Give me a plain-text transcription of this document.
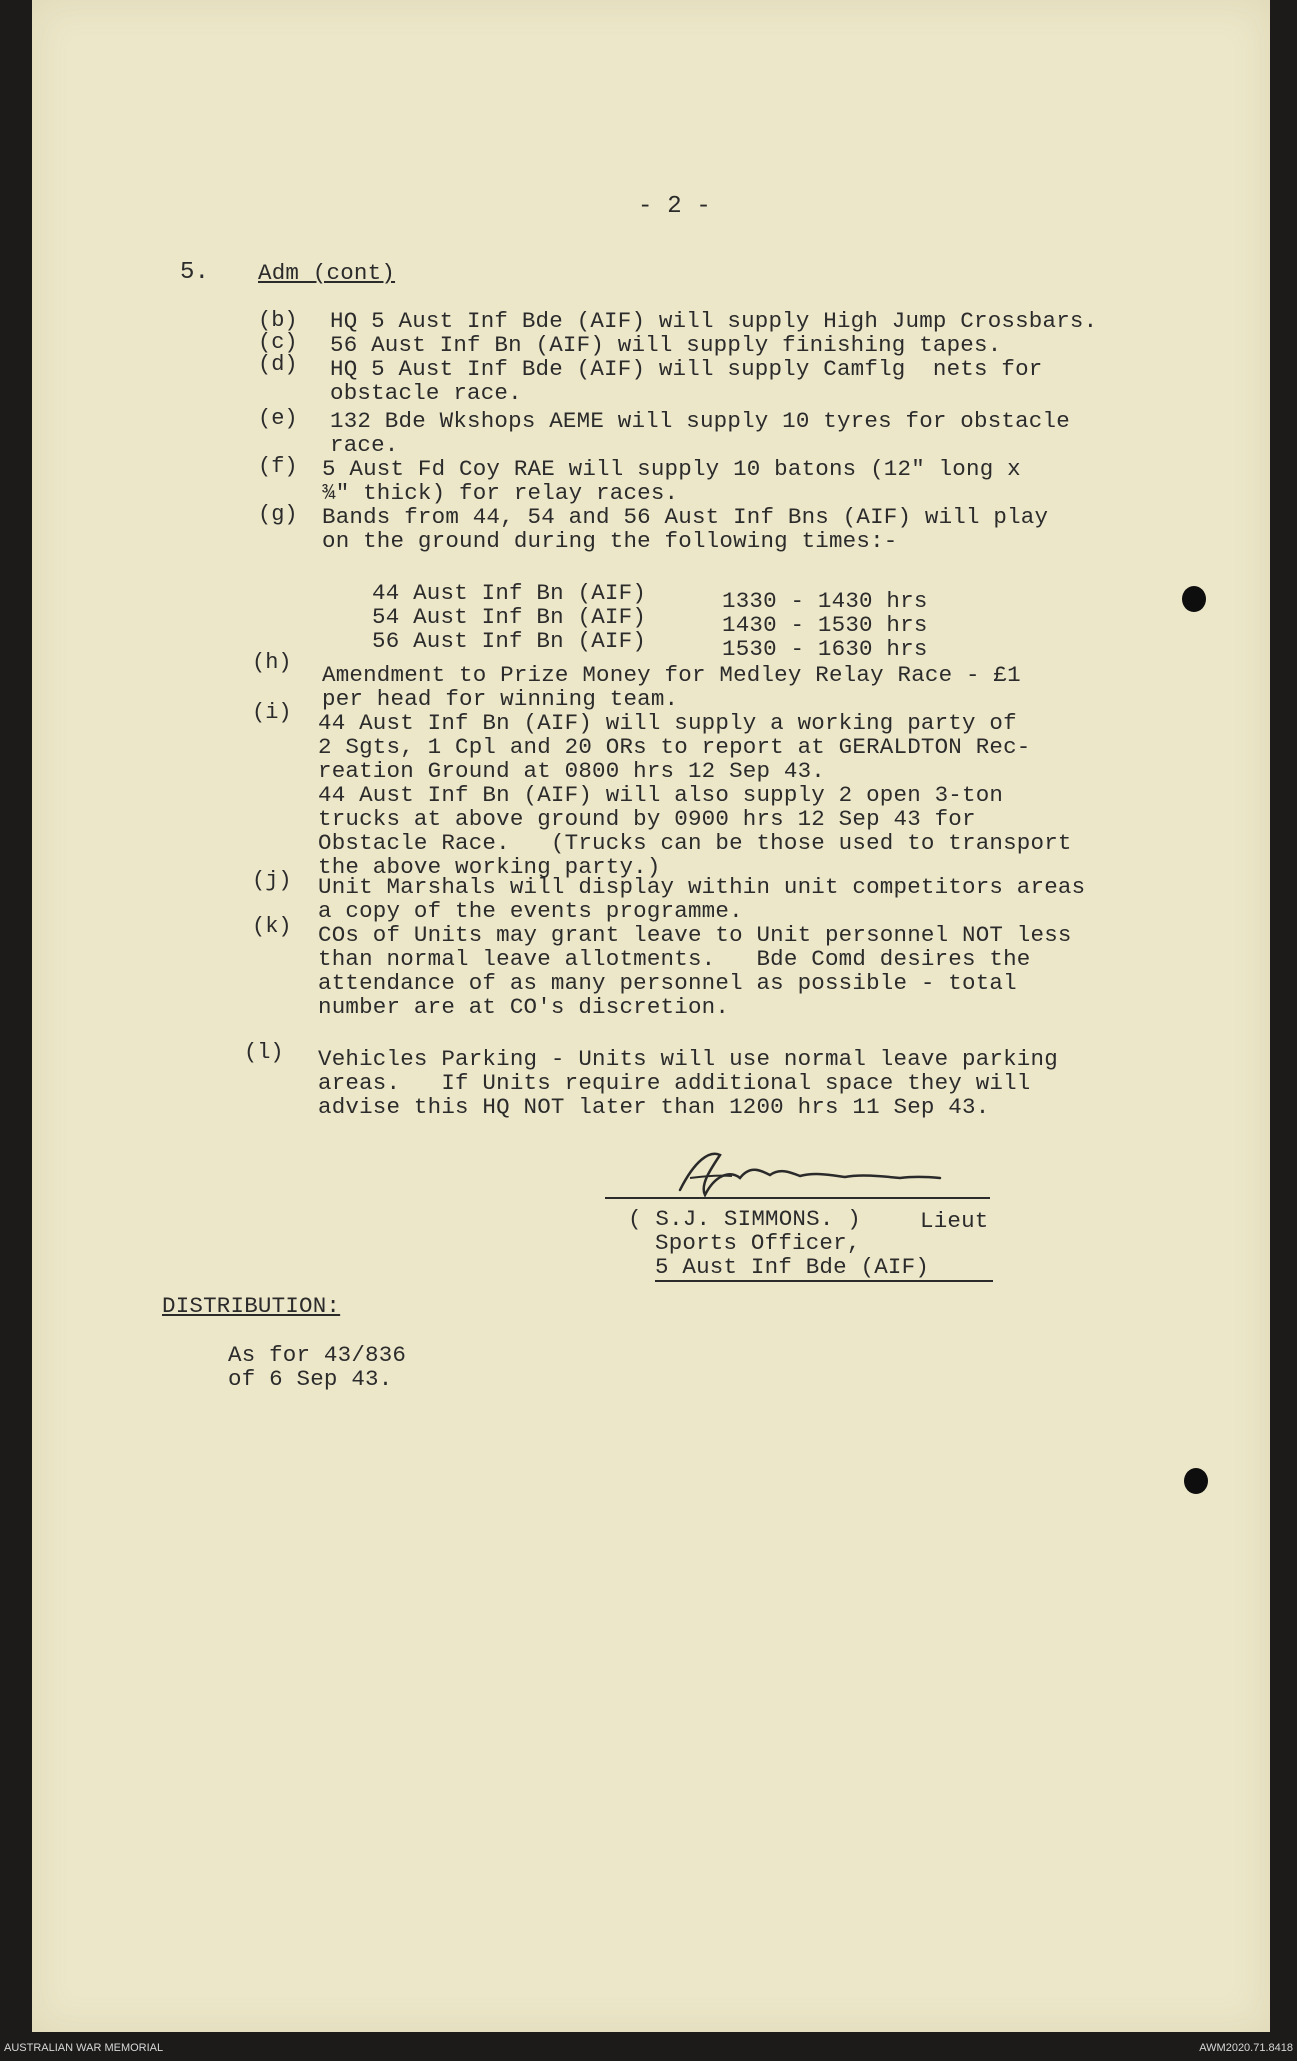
- 2 -
5. Adm (cont)
(b) HQ 5 Aust Inf Bde (AIF) will supply High Jump Crossbars.
(c) 56 Aust Inf Bn (AIF) will supply finishing tapes.
(d) HQ 5 Aust Inf Bde (AIF) will supply Camflg  nets for
obstacle race.
(e) 132 Bde Wkshops AEME will supply 10 tyres for obstacle
race.
(f) 5 Aust Fd Coy RAE will supply 10 batons (12" long x
¾" thick) for relay races.
(g) Bands from 44, 54 and 56 Aust Inf Bns (AIF) will play
on the ground during the following times:-
44 Aust Inf Bn (AIF)	1330 - 1430 hrs
54 Aust Inf Bn (AIF)	1430 - 1530 hrs
56 Aust Inf Bn (AIF)	1530 - 1630 hrs
(h) Amendment to Prize Money for Medley Relay Race - £1
per head for winning team.
(i) 44 Aust Inf Bn (AIF) will supply a working party of
2 Sgts, 1 Cpl and 20 ORs to report at GERALDTON Rec-
reation Ground at 0800 hrs 12 Sep 43.
44 Aust Inf Bn (AIF) will also supply 2 open 3-ton
trucks at above ground by 0900 hrs 12 Sep 43 for
Obstacle Race.   (Trucks can be those used to transport
the above working party.)
(j) Unit Marshals will display within unit competitors areas
a copy of the events programme.
(k) COs of Units may grant leave to Unit personnel NOT less
than normal leave allotments.   Bde Comd desires the
attendance of as many personnel as possible - total
number are at CO's discretion.
(l) Vehicles Parking - Units will use normal leave parking
areas.   If Units require additional space they will
advise this HQ NOT later than 1200 hrs 11 Sep 43.
( S.J. SIMMONS. )	Lieut
Sports Officer,
5 Aust Inf Bde (AIF)
DISTRIBUTION:
As for 43/836
of 6 Sep 43.
AUSTRALIAN WAR MEMORIAL	AWM2020.71.8418
